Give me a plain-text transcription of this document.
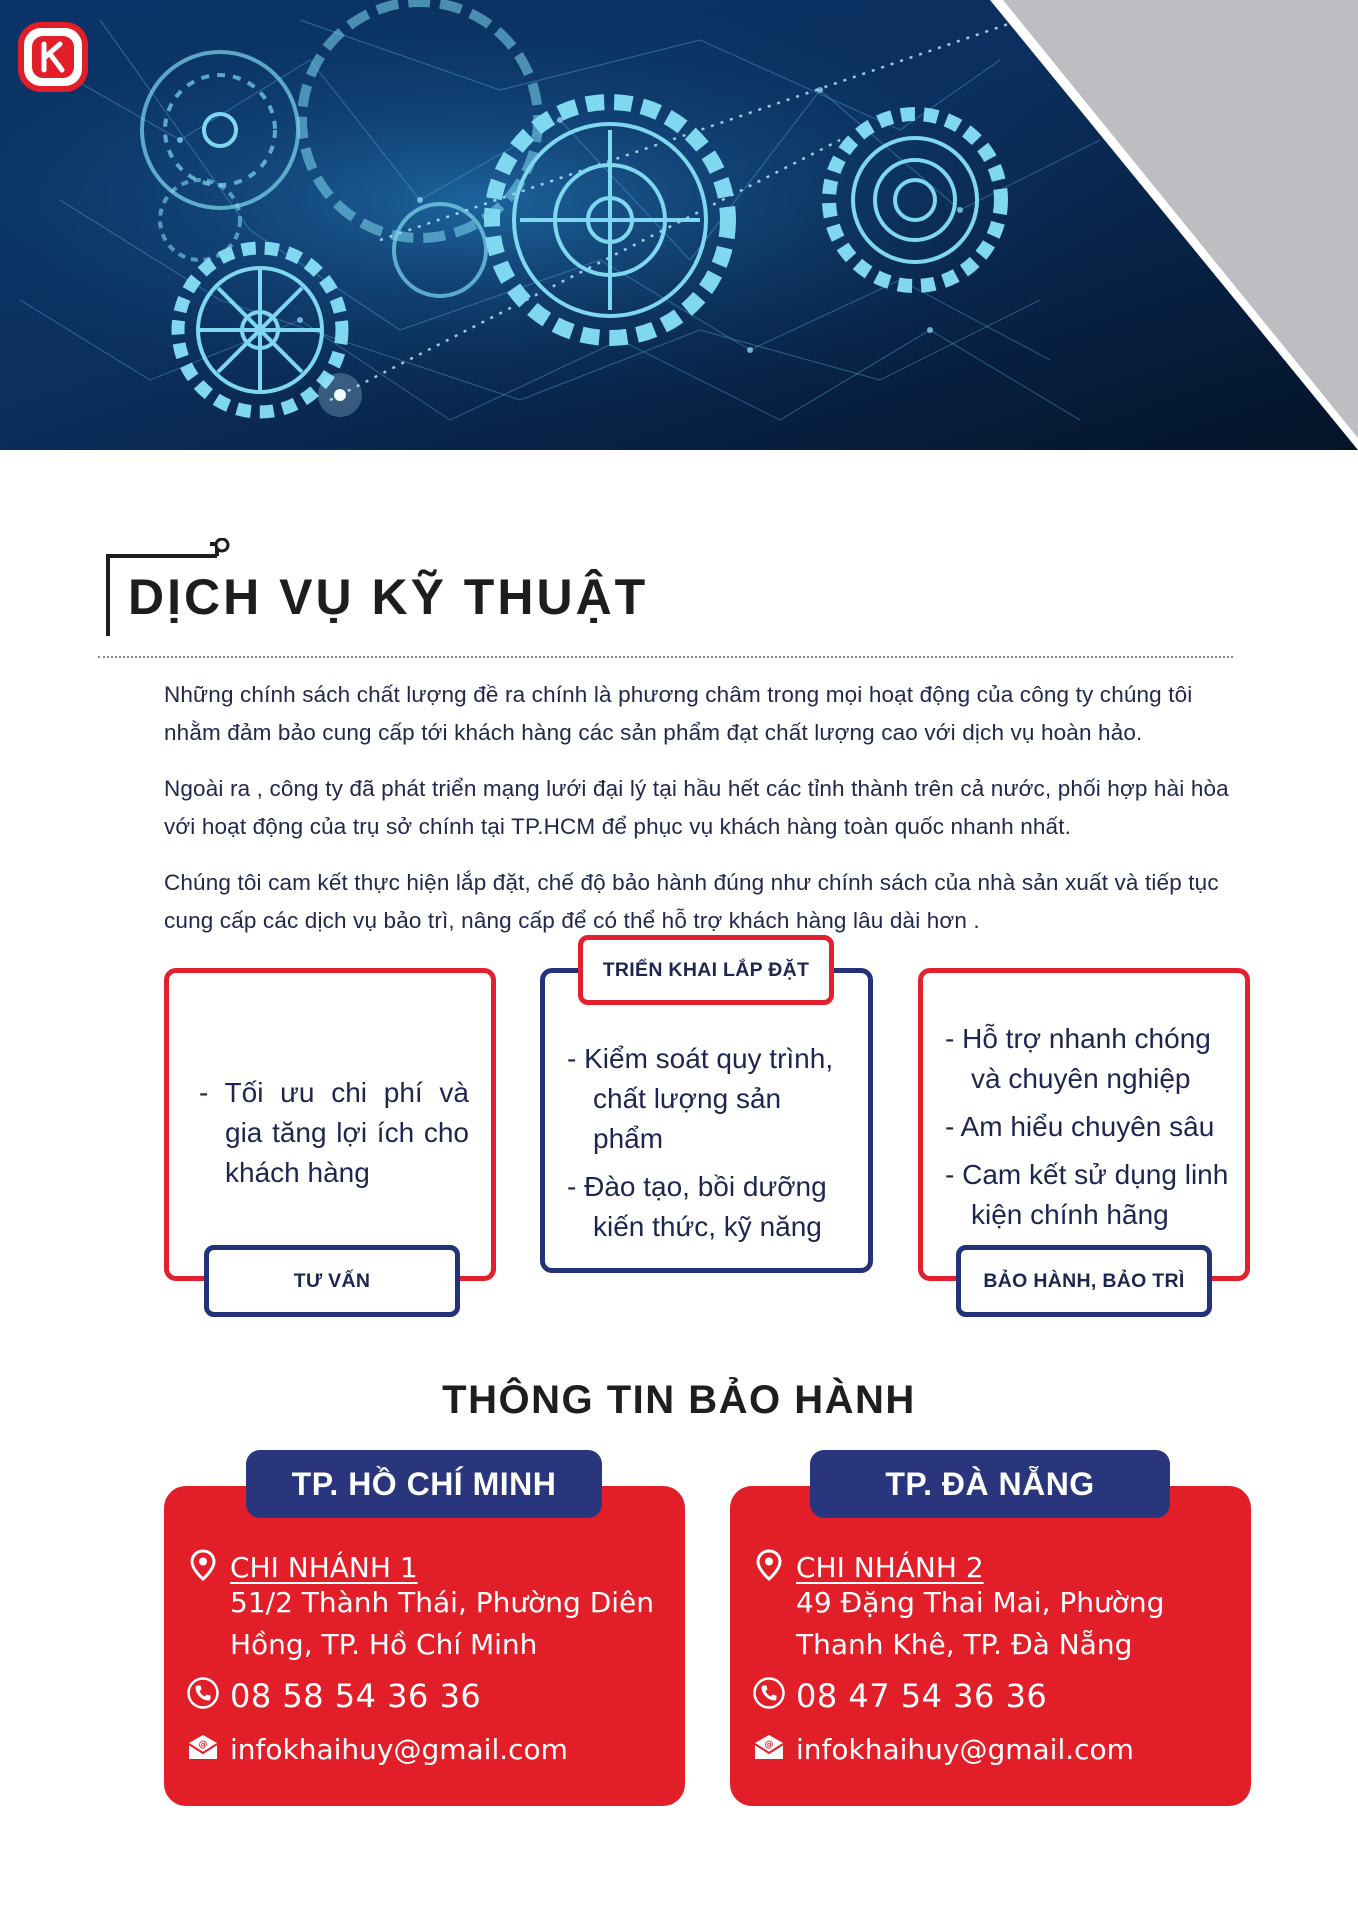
DỊCH VỤ KỸ THUẬT

Những chính sách chất lượng đề ra chính là phương châm trong mọi hoạt động của công ty chúng tôi nhằm đảm bảo cung cấp tới khách hàng các sản phẩm đạt chất lượng cao với dịch vụ hoàn hảo.

Ngoài ra , công ty đã phát triển mạng lưới đại lý tại hầu hết các tỉnh thành trên cả nước, phối hợp hài hòa với hoạt động của trụ sở chính tại TP.HCM để phục vụ khách hàng toàn quốc nhanh nhất.

Chúng tôi cam kết thực hiện lắp đặt, chế độ bảo hành đúng như chính sách của nhà sản xuất và tiếp tục cung cấp các dịch vụ bảo trì, nâng cấp để có thể hỗ trợ khách hàng lâu dài hơn .

- Tối ưu chi phí và gia tăng lợi ích cho khách hàng
TƯ VẤN
- Kiểm soát quy trình, chất lượng sản phẩm
- Đào tạo, bồi dưỡng kiến thức, kỹ năng
TRIỂN KHAI LẮP ĐẶT
- Hỗ trợ nhanh chóng và chuyên nghiệp
- Am hiểu chuyên sâu
- Cam kết sử dụng linh kiện chính hãng
BẢO HÀNH, BẢO TRÌ
THÔNG TIN BẢO HÀNH
CHI NHÁNH 1

51/2 Thành Thái, Phường Diên Hồng, TP. Hồ Chí Minh

08 58 54 36 36
@ infokhaihuy@gmail.com
TP. HỒ CHÍ MINH
CHI NHÁNH 2

49 Đặng Thai Mai, Phường Thanh Khê, TP. Đà Nẵng

08 47 54 36 36
@ infokhaihuy@gmail.com
TP. ĐÀ NẴNG
